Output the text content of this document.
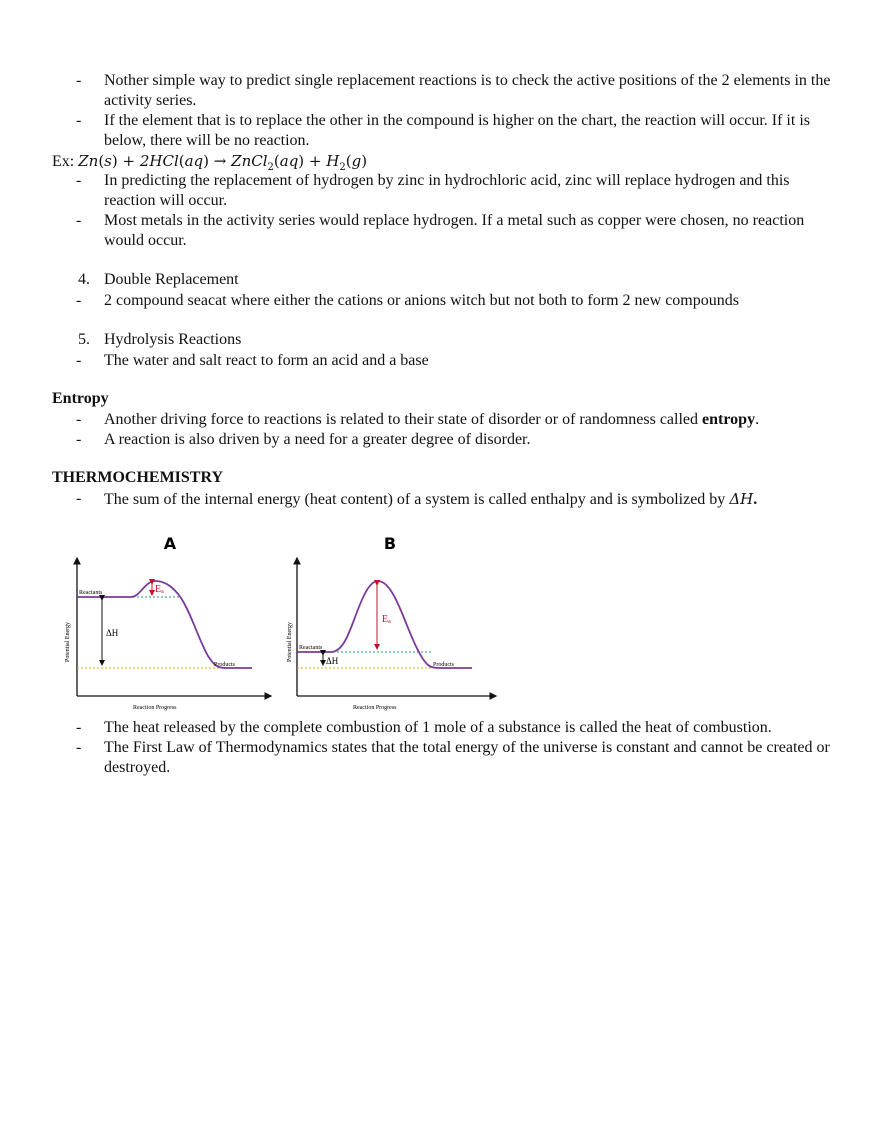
-	Nother simple way to predict single replacement reactions is to check the active positions of the 2 elements in the activity series.
-	If the element that is to replace the other in the compound is higher on the chart, the reaction will occur. If it is below, there will be no reaction.
Ex: Zn(s) + 2HCl(aq) → ZnCl$_2$(aq) + $H_2(g)$
-	In predicting the replacement of hydrogen by zinc in hydrochloric acid, zinc will replace hydrogen and this reaction will occur.
-	Most metals in the activity series would replace hydrogen. If a metal such as copper were chosen, no reaction would occur.
4. Double Replacement
-	2 compound seacat where either the cations or anions witch but not both to form 2 new compounds
5. Hydrolysis Reactions
-	The water and salt react to form an acid and a base
Entropy
-	Another driving force to reactions is related to their state of disorder or of randomness called entropy.
-	A reaction is also driven by a need for a greater degree of disorder.
THERMOCHEMISTRY
-	The sum of the internal energy (heat content) of a system is called enthalpy and is symbolized by ΔH.
A
Potential Energy
Reaction Progress
ΔH
Eₐ
Reactants
Products
B
Potential Energy
Reaction Progress
Eₐ
ΔH
Reactants
Products
-	The heat released by the complete combustion of 1 mole of a substance is called the heat of combustion.
-	The First Law of Thermodynamics states that the total energy of the universe is constant and cannot be created or destroyed.
